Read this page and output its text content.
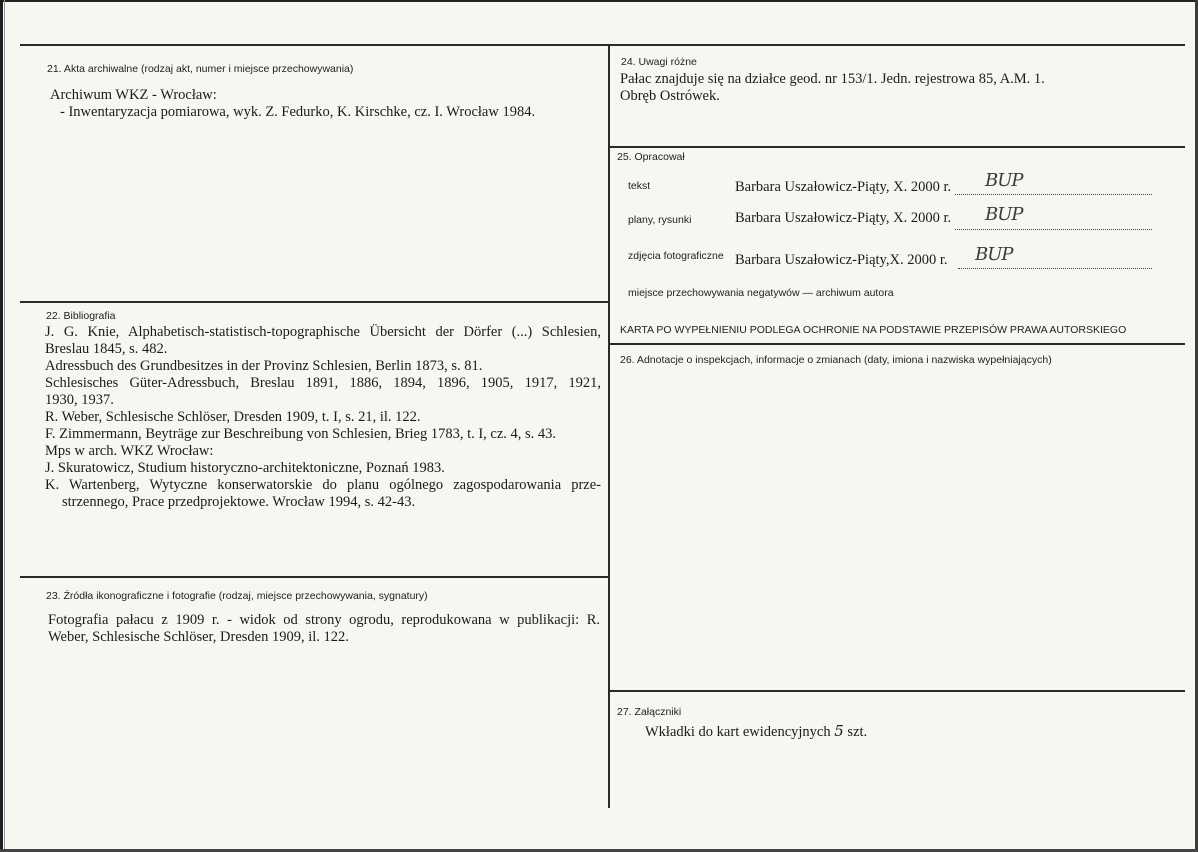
21. Akta archiwalne (rodzaj akt, numer i miejsce przechowywania)
Archiwum WKZ - Wrocław:
- Inwentaryzacja pomiarowa, wyk. Z. Fedurko, K. Kirschke, cz. I. Wrocław 1984.
22. Bibliografia
J. G. Knie, Alphabetisch-statistisch-topographische Übersicht der Dörfer (...) Schlesien,
Breslau 1845, s. 482.
Adressbuch des Grundbesitzes in der Provinz Schlesien, Berlin 1873, s. 81.
Schlesisches Güter-Adressbuch, Breslau 1891, 1886, 1894, 1896, 1905, 1917, 1921,
1930, 1937.
R. Weber, Schlesische Schlöser, Dresden 1909, t. I, s. 21, il. 122.
F. Zimmermann, Beyträge zur Beschreibung von Schlesien, Brieg 1783, t. I, cz. 4, s. 43.
Mps w arch. WKZ Wrocław:
J. Skuratowicz, Studium historyczno-architektoniczne, Poznań 1983.
K. Wartenberg, Wytyczne konserwatorskie do planu ogólnego zagospodarowania prze-
strzennego, Prace przedprojektowe. Wrocław 1994, s. 42-43.
23. Źródła ikonograficzne i fotografie (rodzaj, miejsce przechowywania, sygnatury)
Fotografia pałacu z 1909 r. - widok od strony ogrodu, reprodukowana w publikacji: R.
Weber, Schlesische Schlöser, Dresden 1909, il. 122.
24. Uwagi różne
Pałac znajduje się na działce geod. nr 153/1. Jedn. rejestrowa 85, A.M. 1.
Obręb Ostrówek.
25. Opracował
tekst	Barbara Uszałowicz-Piąty, X. 2000 r. BUP
plany, rysunki	Barbara Uszałowicz-Piąty, X. 2000 r. BUP
zdjęcia fotograficzne Barbara Uszałowicz-Piąty,X. 2000 r. BUP
miejsce przechowywania negatywów — archiwum autora
KARTA PO WYPEŁNIENIU PODLEGA OCHRONIE NA PODSTAWIE PRZEPISÓW PRAWA AUTORSKIEGO
26. Adnotacje o inspekcjach, informacje o zmianach (daty, imiona i nazwiska wypełniających)
27. Załączniki
Wkładki do kart ewidencyjnych 5 szt.
